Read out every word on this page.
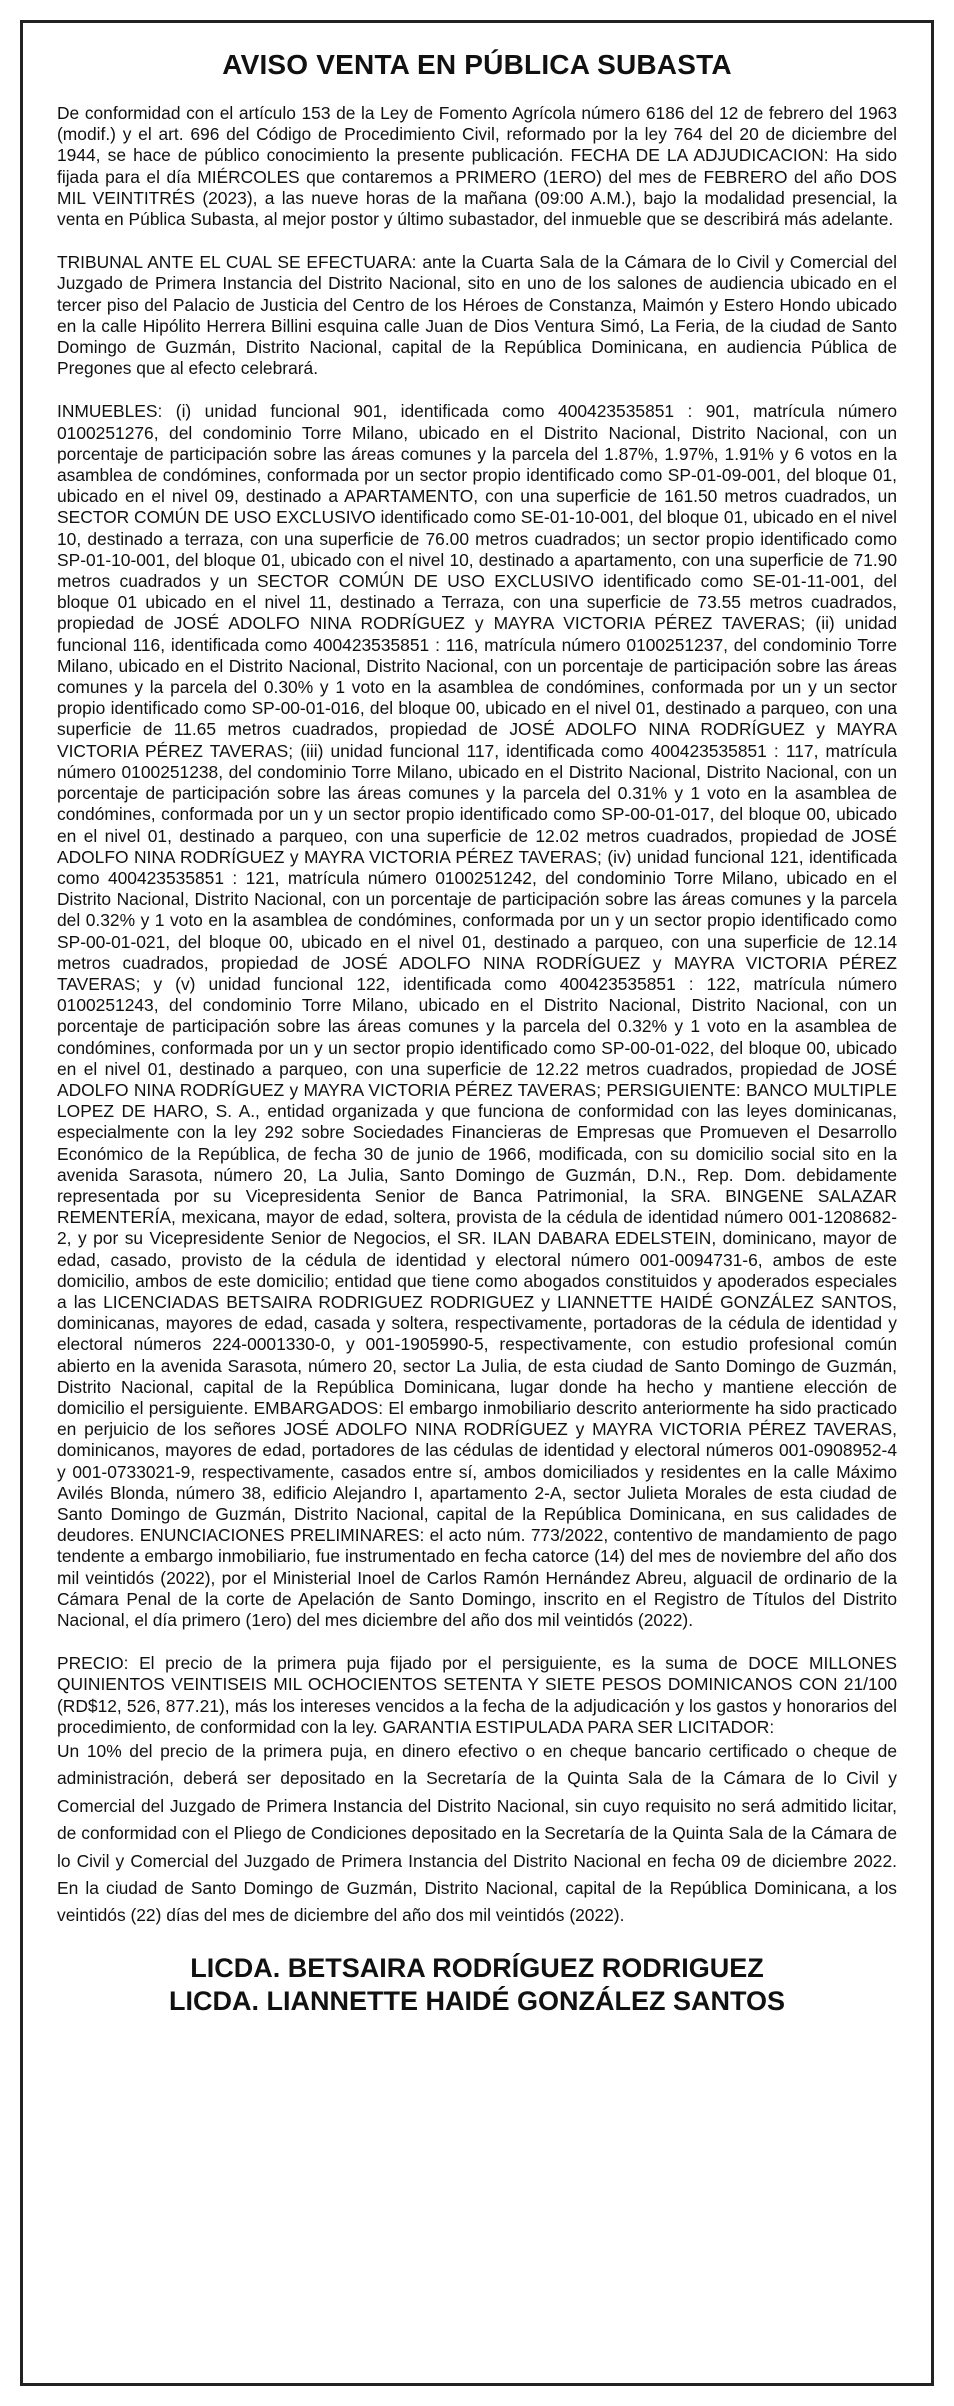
AVISO VENTA EN PÚBLICA SUBASTA

De conformidad con el artículo 153 de la Ley de Fomento Agrícola número 6186 del 12 de febrero del 1963 (modif.) y el art. 696 del Código de Procedimiento Civil, reformado por la ley 764 del 20 de diciembre del 1944, se hace de público conocimiento la presente publicación. FECHA DE LA ADJUDICACION: Ha sido fijada para el día MIÉRCOLES que contaremos a PRIMERO (1ERO) del mes de FEBRERO del año DOS MIL VEINTITRÉS (2023), a las nueve horas de la mañana (09:00 A.M.), bajo la modalidad presencial, la venta en Pública Subasta, al mejor postor y último subastador, del inmueble que se describirá más adelante.

TRIBUNAL ANTE EL CUAL SE EFECTUARA: ante la Cuarta Sala de la Cámara de lo Civil y Comercial del Juzgado de Primera Instancia del Distrito Nacional, sito en uno de los salones de audiencia ubicado en el tercer piso del Palacio de Justicia del Centro de los Héroes de Constanza, Maimón y Estero Hondo ubicado en la calle Hipólito Herrera Billini esquina calle Juan de Dios Ventura Simó, La Feria, de la ciudad de Santo Domingo de Guzmán, Distrito Nacional, capital de la República Dominicana, en audiencia Pública de Pregones que al efecto celebrará.

INMUEBLES: (i) unidad funcional 901, identificada como 400423535851 : 901, matrícula número 0100251276, del condominio Torre Milano, ubicado en el Distrito Nacional, Distrito Nacional, con un porcentaje de participación sobre las áreas comunes y la parcela del 1.87%, 1.97%, 1.91% y 6 votos en la asamblea de condómines, conformada por un sector propio identificado como SP-01-09-001, del bloque 01, ubicado en el nivel 09, destinado a APARTAMENTO, con una superficie de 161.50 metros cuadrados, un SECTOR COMÚN DE USO EXCLUSIVO identificado como SE-01-10-001, del bloque 01, ubicado en el nivel 10, destinado a terraza, con una superficie de 76.00 metros cuadrados; un sector propio identificado como SP-01-10-001, del bloque 01, ubicado con el nivel 10, destinado a apartamento, con una superficie de 71.90 metros cuadrados y un SECTOR COMÚN DE USO EXCLUSIVO identificado como SE-01-11-001, del bloque 01 ubicado en el nivel 11, destinado a Terraza, con una superficie de 73.55 metros cuadrados, propiedad de JOSÉ ADOLFO NINA RODRÍGUEZ y MAYRA VICTORIA PÉREZ TAVERAS; (ii) unidad funcional 116, identificada como 400423535851 : 116, matrícula número 0100251237, del condominio Torre Milano, ubicado en el Distrito Nacional, Distrito Nacional, con un porcentaje de participación sobre las áreas comunes y la parcela del 0.30% y 1 voto en la asamblea de condómines, conformada por un y un sector propio identificado como SP-00-01-016, del bloque 00, ubicado en el nivel 01, destinado a parqueo, con una superficie de 11.65 metros cuadrados, propiedad de JOSÉ ADOLFO NINA RODRÍGUEZ y MAYRA VICTORIA PÉREZ TAVERAS; (iii) unidad funcional 117, identificada como 400423535851 : 117, matrícula número 0100251238, del condominio Torre Milano, ubicado en el Distrito Nacional, Distrito Nacional, con un porcentaje de participación sobre las áreas comunes y la parcela del 0.31% y 1 voto en la asamblea de condómines, conformada por un y un sector propio identificado como SP-00-01-017, del bloque 00, ubicado en el nivel 01, destinado a parqueo, con una superficie de 12.02 metros cuadrados, propiedad de JOSÉ ADOLFO NINA RODRÍGUEZ y MAYRA VICTORIA PÉREZ TAVERAS; (iv) unidad funcional 121, identificada como 400423535851 : 121, matrícula número 0100251242, del condominio Torre Milano, ubicado en el Distrito Nacional, Distrito Nacional, con un porcentaje de participación sobre las áreas comunes y la parcela del 0.32% y 1 voto en la asamblea de condómines, conformada por un y un sector propio identificado como SP-00-01-021, del bloque 00, ubicado en el nivel 01, destinado a parqueo, con una superficie de 12.14 metros cuadrados, propiedad de JOSÉ ADOLFO NINA RODRÍGUEZ y MAYRA VICTORIA PÉREZ TAVERAS; y (v) unidad funcional 122, identificada como 400423535851 : 122, matrícula número 0100251243, del condominio Torre Milano, ubicado en el Distrito Nacional, Distrito Nacional, con un porcentaje de participación sobre las áreas comunes y la parcela del 0.32% y 1 voto en la asamblea de condómines, conformada por un y un sector propio identificado como SP-00-01-022, del bloque 00, ubicado en el nivel 01, destinado a parqueo, con una superficie de 12.22 metros cuadrados, propiedad de JOSÉ ADOLFO NINA RODRÍGUEZ y MAYRA VICTORIA PÉREZ TAVERAS; PERSIGUIENTE: BANCO MULTIPLE LOPEZ DE HARO, S. A., entidad organizada y que funciona de conformidad con las leyes dominicanas, especialmente con la ley 292 sobre Sociedades Financieras de Empresas que Promueven el Desarrollo Económico de la República, de fecha 30 de junio de 1966, modificada, con su domicilio social sito en la avenida Sarasota, número 20, La Julia, Santo Domingo de Guzmán, D.N., Rep. Dom. debidamente representada por su Vicepresidenta Senior de Banca Patrimonial, la SRA. BINGENE SALAZAR REMENTERÍA, mexicana, mayor de edad, soltera, provista de la cédula de identidad número 001-1208682-2, y por su Vicepresidente Senior de Negocios, el SR. ILAN DABARA EDELSTEIN, dominicano, mayor de edad, casado, provisto de la cédula de identidad y electoral número 001-0094731-6, ambos de este domicilio, ambos de este domicilio; entidad que tiene como abogados constituidos y apoderados especiales a las LICENCIADAS BETSAIRA RODRIGUEZ RODRIGUEZ y LIANNETTE HAIDÉ GONZÁLEZ SANTOS, dominicanas, mayores de edad, casada y soltera, respectivamente, portadoras de la cédula de identidad y electoral números 224-0001330-0, y 001-1905990-5, respectivamente, con estudio profesional común abierto en la avenida Sarasota, número 20, sector La Julia, de esta ciudad de Santo Domingo de Guzmán, Distrito Nacional, capital de la República Dominicana, lugar donde ha hecho y mantiene elección de domicilio el persiguiente. EMBARGADOS: El embargo inmobiliario descrito anteriormente ha sido practicado en perjuicio de los señores JOSÉ ADOLFO NINA RODRÍGUEZ y MAYRA VICTORIA PÉREZ TAVERAS, dominicanos, mayores de edad, portadores de las cédulas de identidad y electoral números 001-0908952-4 y 001-0733021-9, respectivamente, casados entre sí, ambos domiciliados y residentes en la calle Máximo Avilés Blonda, número 38, edificio Alejandro I, apartamento 2-A, sector Julieta Morales de esta ciudad de Santo Domingo de Guzmán, Distrito Nacional, capital de la República Dominicana, en sus calidades de deudores. ENUNCIACIONES PRELIMINARES: el acto núm. 773/2022, contentivo de mandamiento de pago tendente a embargo inmobiliario, fue instrumentado en fecha catorce (14) del mes de noviembre del año dos mil veintidós (2022), por el Ministerial Inoel de Carlos Ramón Hernández Abreu, alguacil de ordinario de la Cámara Penal de la corte de Apelación de Santo Domingo, inscrito en el Registro de Títulos del Distrito Nacional, el día primero (1ero) del mes diciembre del año dos mil veintidós (2022).

PRECIO: El precio de la primera puja fijado por el persiguiente, es la suma de DOCE MILLONES QUINIENTOS VEINTISEIS MIL OCHOCIENTOS SETENTA Y SIETE PESOS DOMINICANOS CON 21/100 (RD$12, 526, 877.21), más los intereses vencidos a la fecha de la adjudicación y los gastos y honorarios del procedimiento, de conformidad con la ley. GARANTIA ESTIPULADA PARA SER LICITADOR:

Un 10% del precio de la primera puja, en dinero efectivo o en cheque bancario certificado o cheque de administración, deberá ser depositado en la Secretaría de la Quinta Sala de la Cámara de lo Civil y Comercial del Juzgado de Primera Instancia del Distrito Nacional, sin cuyo requisito no será admitido licitar, de conformidad con el Pliego de Condiciones depositado en la Secretaría de la Quinta Sala de la Cámara de lo Civil y Comercial del Juzgado de Primera Instancia del Distrito Nacional en fecha 09 de diciembre 2022. En la ciudad de Santo Domingo de Guzmán, Distrito Nacional, capital de la República Dominicana, a los veintidós (22) días del mes de diciembre del año dos mil veintidós (2022).

LICDA. BETSAIRA RODRÍGUEZ RODRIGUEZ
LICDA. LIANNETTE HAIDÉ GONZÁLEZ SANTOS
